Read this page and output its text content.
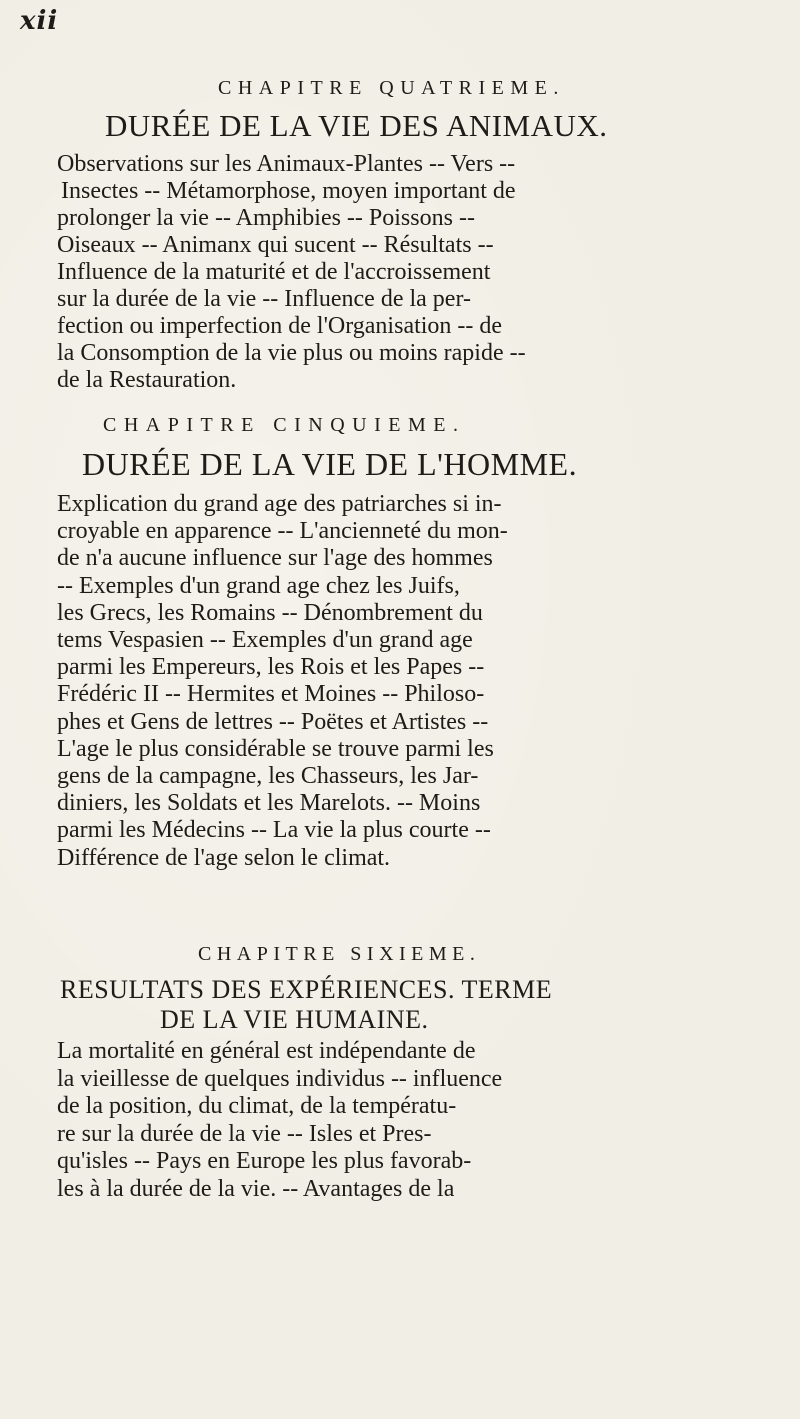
xii
CHAPITRE QUATRIEME.
DURÉE DE LA VIE DES ANIMAUX.

Observations sur les Animaux-Plantes -- Vers --

Insectes -- Métamorphose, moyen important de

prolonger la vie -- Amphibies -- Poissons --

Oiseaux -- Animanx qui sucent -- Résultats --

Influence de la maturité et de l'accroissement

sur la durée de la vie -- Influence de la per-

fection ou imperfection de l'Organisation -- de

la Consomption de la vie plus ou moins rapide --

de la Restauration.

CHAPITRE CINQUIEME.
DURÉE DE LA VIE DE L'HOMME.

Explication du grand age des patriarches si in-

croyable en apparence -- L'ancienneté du mon-

de n'a aucune influence sur l'age des hommes

-- Exemples d'un grand age chez les Juifs,

les Grecs, les Romains -- Dénombrement du

tems Vespasien -- Exemples d'un grand age

parmi les Empereurs, les Rois et les Papes --

Frédéric II -- Hermites et Moines -- Philoso-

phes et Gens de lettres -- Poëtes et Artistes --

L'age le plus considérable se trouve parmi les

gens de la campagne, les Chasseurs, les Jar-

diniers, les Soldats et les Marelots. -- Moins

parmi les Médecins -- La vie la plus courte --

Différence de l'age selon le climat.

CHAPITRE SIXIEME.
RESULTATS DES EXPÉRIENCES. TERME
DE LA VIE HUMAINE.

La mortalité en général est indépendante de

la vieillesse de quelques individus -- influence

de la position, du climat, de la températu-

re sur la durée de la vie -- Isles et Pres-

qu'isles -- Pays en Europe les plus favorab-

les à la durée de la vie. -- Avantages de la
